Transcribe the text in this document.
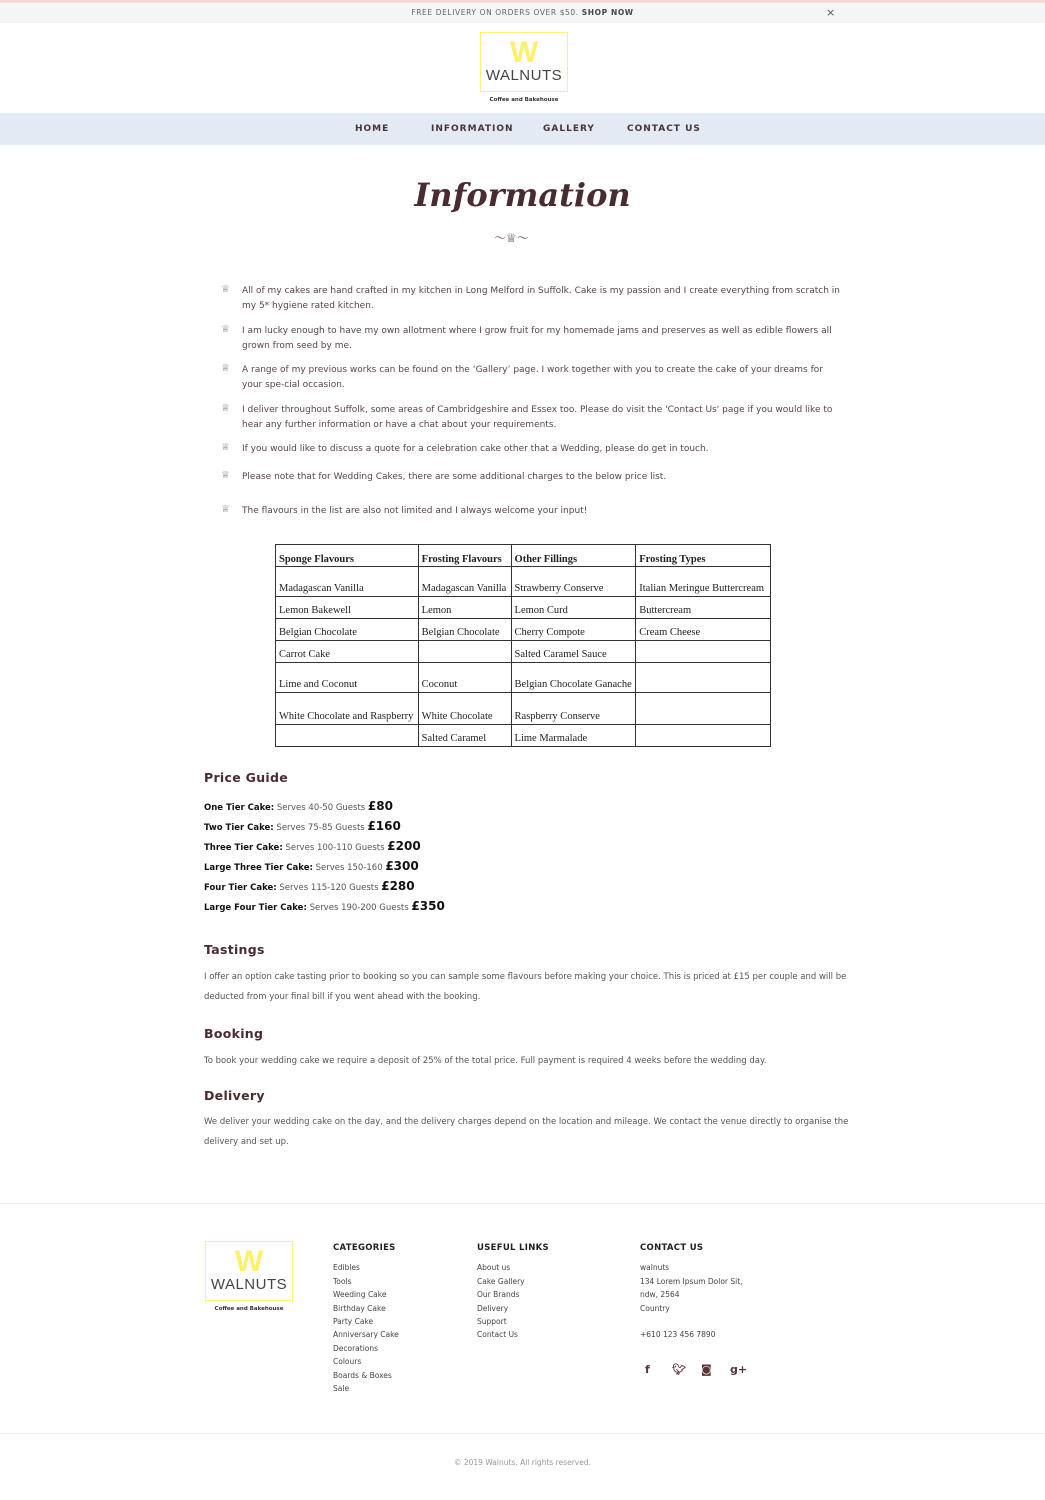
FREE DELIVERY ON ORDERS OVER $50. SHOP NOW	×
W
WALNUTS
Coffee and Bakehouse
HOME	INFORMATION	GALLERY	CONTACT US
Information
〜♕〜
♕	All of my cakes are hand crafted in my kitchen in Long Melford in Suffolk. Cake is my passion and I create everything from scratch in my 5* hygiene rated kitchen.
♕	I am lucky enough to have my own allotment where I grow fruit for my homemade jams and preserves as well as edible flowers all grown from seed by me.
♕	A range of my previous works can be found on the ‘Gallery’ page. I work together with you to create the cake of your dreams for your spe-cial occasion.
♕	I deliver throughout Suffolk, some areas of Cambridgeshire and Essex too. Please do visit the 'Contact Us' page if you would like to hear any further information or have a chat about your requirements.
♕	If you would like to discuss a quote for a celebration cake other that a Wedding, please do get in touch.
♕	Please note that for Wedding Cakes, there are some additional charges to the below price list.
♕	The flavours in the list are also not limited and I always welcome your input!
Sponge Flavours	Frosting Flavours	Other Fillings	Frosting Types
Madagascan Vanilla	Madagascan Vanilla	Strawberry Conserve	Italian Meringue Buttercream
Lemon Bakewell	Lemon	Lemon Curd	Buttercream
Belgian Chocolate	Belgian Chocolate	Cherry Compote	Cream Cheese
Carrot Cake		Salted Caramel Sauce	
Lime and Coconut	Coconut	Belgian Chocolate Ganache	
White Chocolate and Raspberry	White Chocolate	Raspberry Conserve	
	Salted Caramel	Lime Marmalade	
Price Guide
One Tier Cake: Serves 40-50 Guests £80
Two Tier Cake: Serves 75-85 Guests £160
Three Tier Cake: Serves 100-110 Guests £200
Large Three Tier Cake: Serves 150-160 £300
Four Tier Cake: Serves 115-120 Guests £280
Large Four Tier Cake: Serves 190-200 Guests £350
Tastings
I offer an option cake tasting prior to booking so you can sample some flavours before making your choice. This is priced at £15 per couple and will be deducted from your final bill if you went ahead with the booking.
Booking
To book your wedding cake we require a deposit of 25% of the total price. Full payment is required 4 weeks before the wedding day.
Delivery
We deliver your wedding cake on the day, and the delivery charges depend on the location and mileage. We contact the venue directly to organise the delivery and set up.
W
WALNUTS
Coffee and Bakehouse
CATEGORIES
Edibles
Tools
Weeding Cake
Birthday Cake
Party Cake
Anniversary Cake
Decorations
Colours
Boards & Boxes
Sale
USEFUL LINKS
About us
Cake Gallery
Our Brands
Delivery
Support
Contact Us
CONTACT US
walnuts
134 Lorem Ipsum Dolor Sit,
ndw, 2564
Country
+610 123 456 7890
f 🐦︎ ◙ g+
© 2019 Walnuts. All rights reserved.
